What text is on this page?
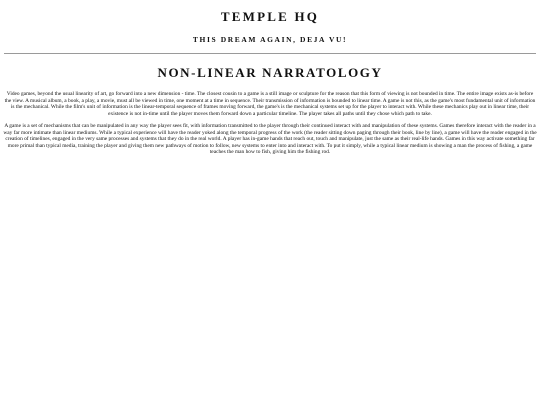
TEMPLE HQ

THIS DREAM AGAIN, DEJA VU!

NON-LINEAR NARRATOLOGY

Video games, beyond the usual linearity of art, go forward into a new dimension - time. The closest cousin to a game is a still image or sculpture for the reason that this form of viewing is not bounded in time. The entire image exists as-is before the view. A musical album, a book, a play, a movie, must all be viewed in time, one moment at a time in sequence. Their transmission of information is bounded to linear time. A game is not this, as the game's most fundamental unit of information is the mechanical. While the film's unit of information is the linear-temporal sequence of frames moving forward, the game's is the mechanical systems set up for the player to interact with. While these mechanics play out in linear time, their existence is not in-time until the player moves them forward down a particular timeline. The player takes all paths until they chose which path to take.

A game is a set of mechanisms that can be manipulated in any way the player sees fit, with information transmitted to the player through their continued interact with and manipulation of these systems. Games therefore interact with the reader in a way far more intimate than linear mediums. While a typical experience will have the reader yoked along the temporal progress of the work (the reader sitting down paging through their book, line by line), a game will have the reader engaged in the creation of timelines, engaged in the very same processes and systems that they do in the real world. A player has in-game hands that reach out, touch and manipulate, just the same as their real-life hands. Games in this way activate something far more primal than typical media, training the player and giving them new pathways of motion to follow, new systems to enter into and interact with. To put it simply, while a typical linear medium is showing a man the process of fishing, a game teaches the man how to fish, giving him the fishing rod.
